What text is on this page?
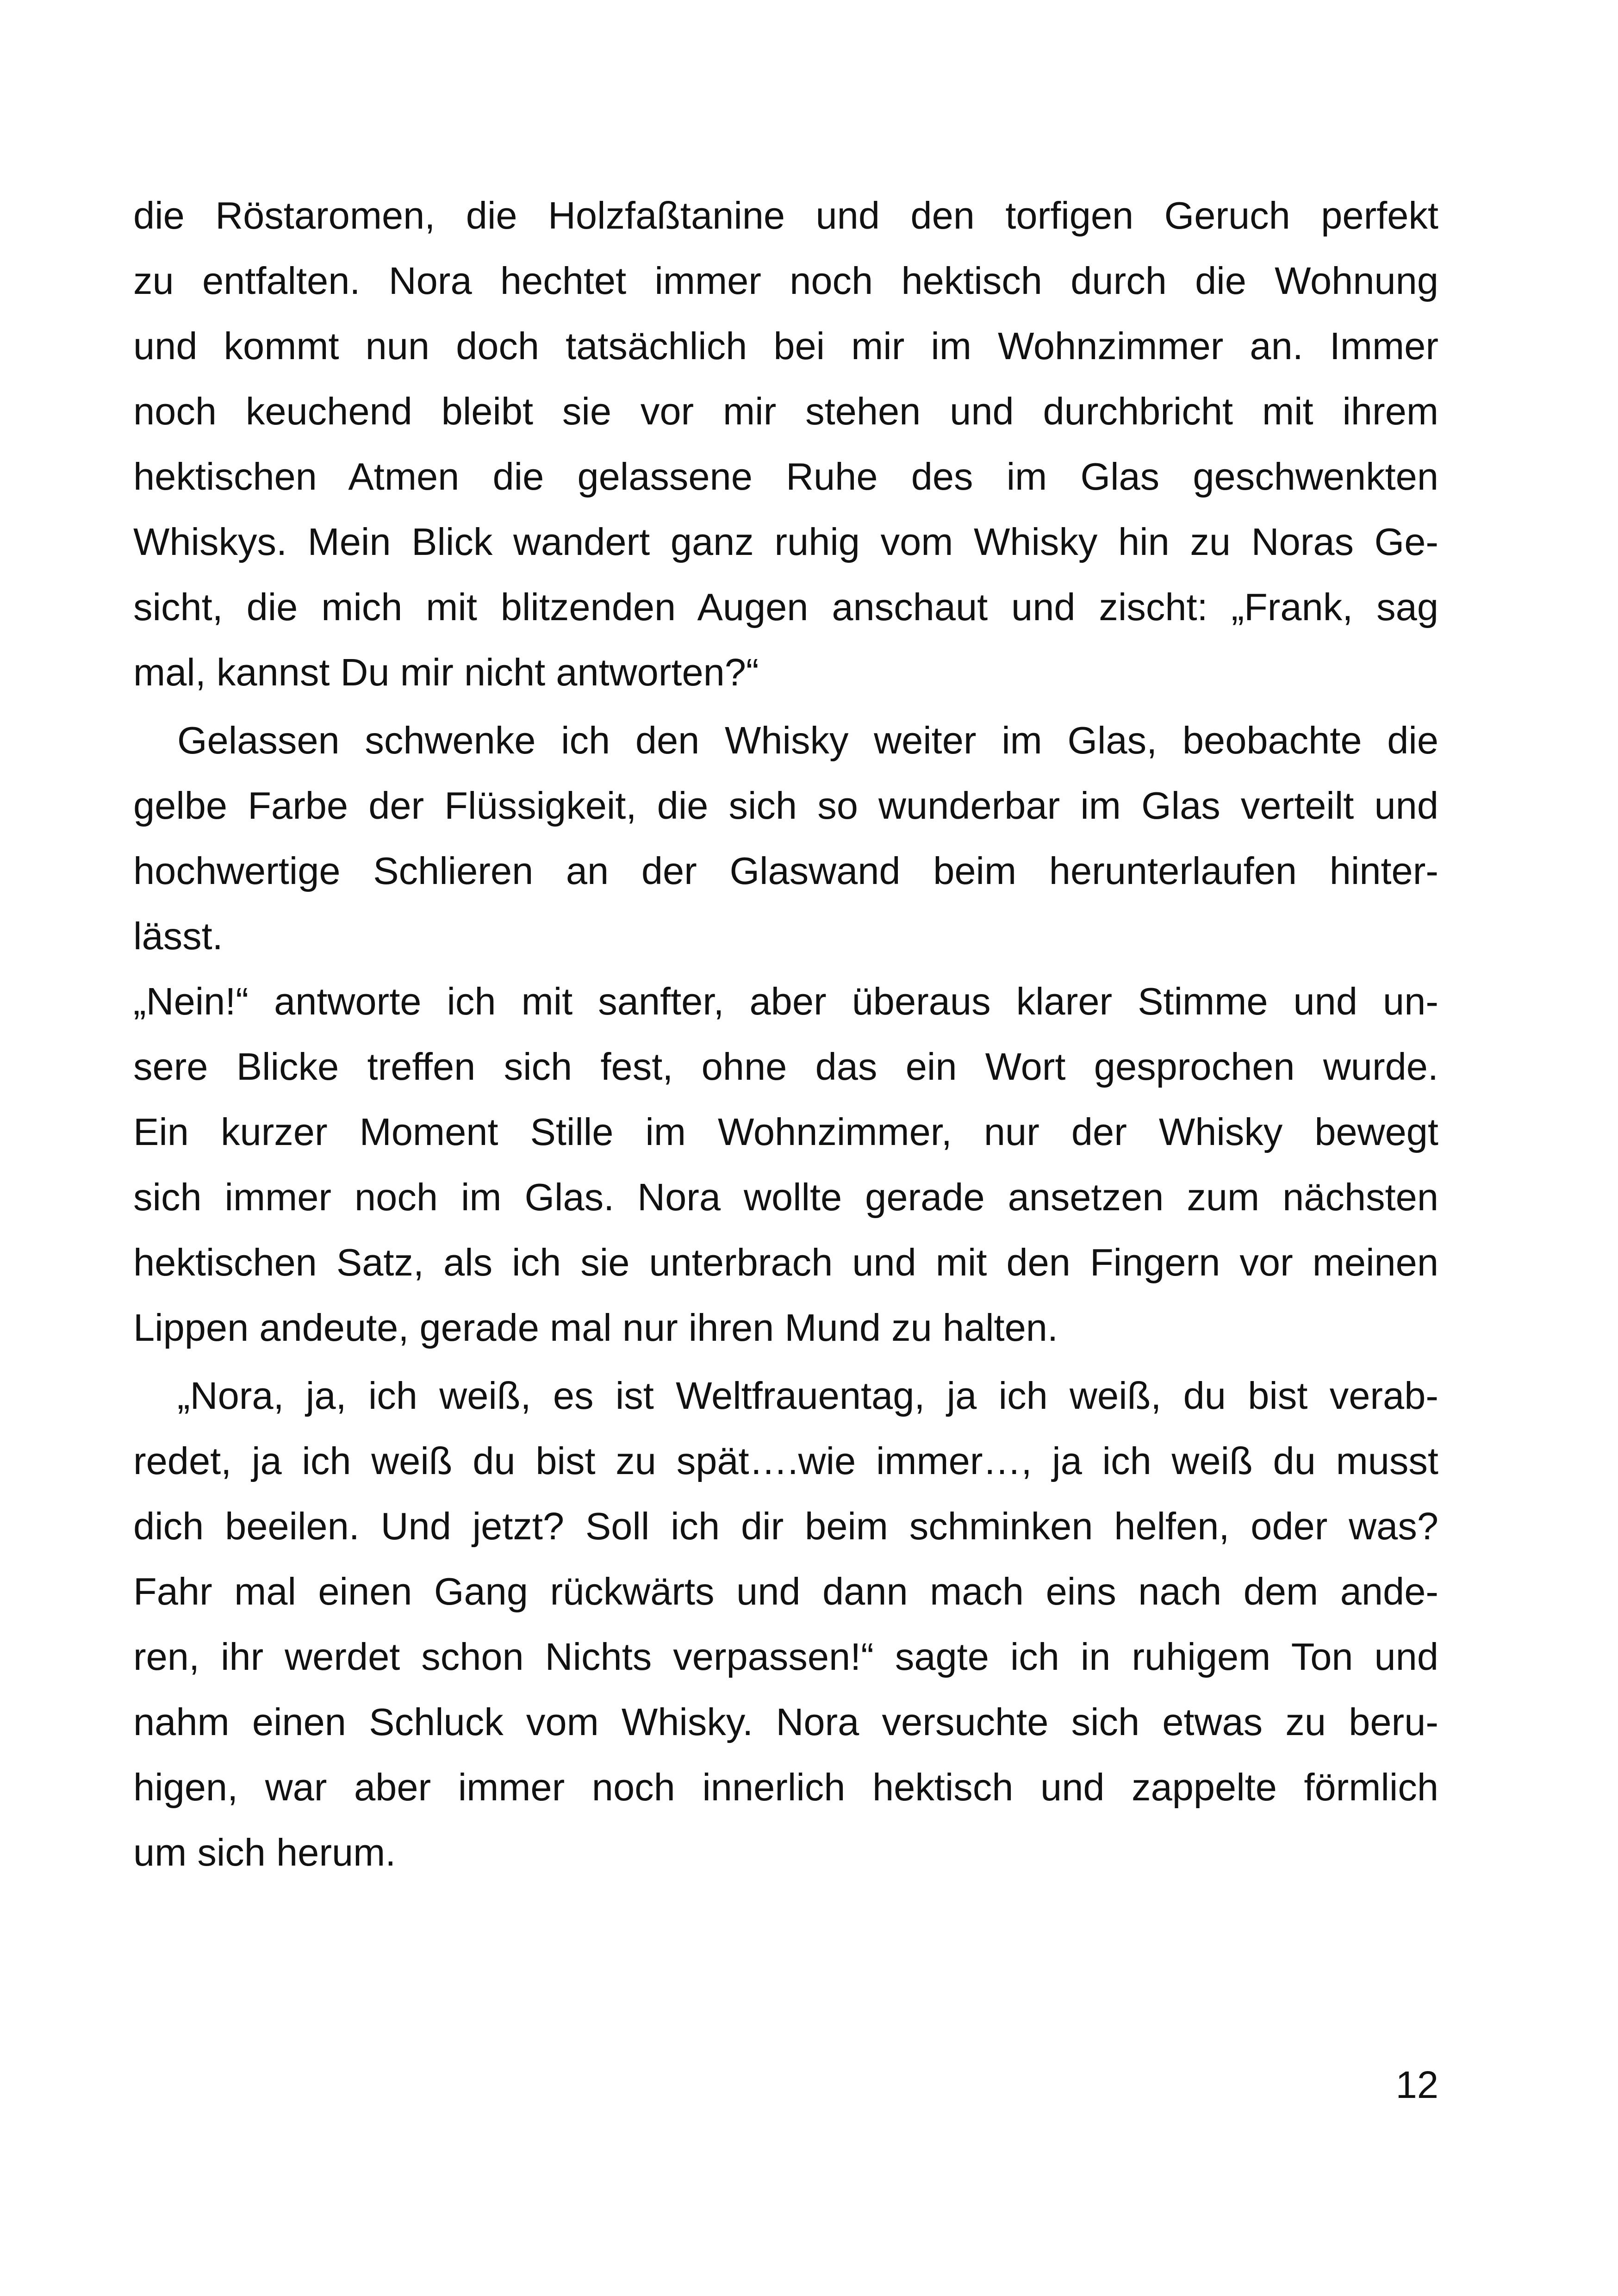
die Röstaromen, die Holzfaßtanine und den torfigen Geruch perfekt
zu entfalten. Nora hechtet immer noch hektisch durch die Wohnung
und kommt nun doch tatsächlich bei mir im Wohnzimmer an. Immer
noch keuchend bleibt sie vor mir stehen und durchbricht mit ihrem
hektischen Atmen die gelassene Ruhe des im Glas geschwenkten
Whiskys. Mein Blick wandert ganz ruhig vom Whisky hin zu Noras Ge-
sicht, die mich mit blitzenden Augen anschaut und zischt: „Frank, sag
mal, kannst Du mir nicht antworten?“
Gelassen schwenke ich den Whisky weiter im Glas, beobachte die
gelbe Farbe der Flüssigkeit, die sich so wunderbar im Glas verteilt und
hochwertige Schlieren an der Glaswand beim herunterlaufen hinter-
lässt.
„Nein!“ antworte ich mit sanfter, aber überaus klarer Stimme und un-
sere Blicke treffen sich fest, ohne das ein Wort gesprochen wurde.
Ein kurzer Moment Stille im Wohnzimmer, nur der Whisky bewegt
sich immer noch im Glas. Nora wollte gerade ansetzen zum nächsten
hektischen Satz, als ich sie unterbrach und mit den Fingern vor meinen
Lippen andeute, gerade mal nur ihren Mund zu halten.
„Nora, ja, ich weiß, es ist Weltfrauentag, ja ich weiß, du bist verab-
redet, ja ich weiß du bist zu spät….wie immer…, ja ich weiß du musst
dich beeilen. Und jetzt? Soll ich dir beim schminken helfen, oder was?
Fahr mal einen Gang rückwärts und dann mach eins nach dem ande-
ren, ihr werdet schon Nichts verpassen!“ sagte ich in ruhigem Ton und
nahm einen Schluck vom Whisky. Nora versuchte sich etwas zu beru-
higen, war aber immer noch innerlich hektisch und zappelte förmlich
um sich herum.
12
